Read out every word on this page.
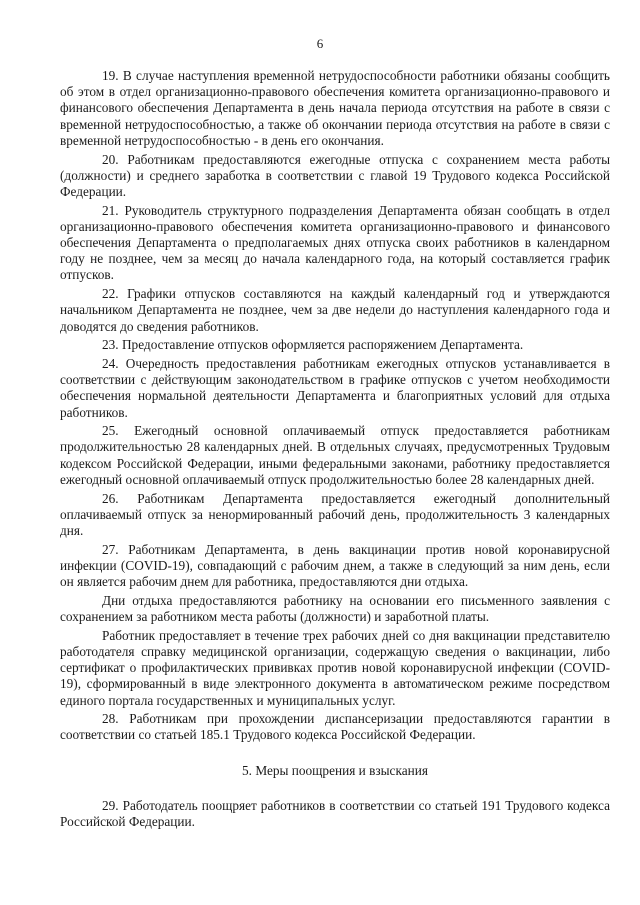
6

19. В случае наступления временной нетрудоспособности работники обязаны сообщить об этом в отдел организационно-правового обеспечения комитета организационно-правового и финансового обеспечения Департамента в день начала периода отсутствия на работе в связи с временной нетрудоспособностью, а также об окончании периода отсутствия на работе в связи с временной нетрудоспособностью - в день его окончания.

20. Работникам предоставляются ежегодные отпуска с сохранением места работы (должности) и среднего заработка в соответствии с главой 19 Трудового кодекса Российской Федерации.

21. Руководитель структурного подразделения Департамента обязан сообщать в отдел организационно-правового обеспечения комитета организационно-правового и финансового обеспечения Департамента о предполагаемых днях отпуска своих работников в календарном году не позднее, чем за месяц до начала календарного года, на который составляется график отпусков.

22. Графики отпусков составляются на каждый календарный год и утверждаются начальником Департамента не позднее, чем за две недели до наступления календарного года и доводятся до сведения работников.

23. Предоставление отпусков оформляется распоряжением Департамента.

24. Очередность предоставления работникам ежегодных отпусков устанавливается в соответствии с действующим законодательством в графике отпусков с учетом необходимости обеспечения нормальной деятельности Департамента и благоприятных условий для отдыха работников.

25. Ежегодный основной оплачиваемый отпуск предоставляется работникам продолжительностью 28 календарных дней. В отдельных случаях, предусмотренных Трудовым кодексом Российской Федерации, иными федеральными законами, работнику предоставляется ежегодный основной оплачиваемый отпуск продолжительностью более 28 календарных дней.

26. Работникам Департамента предоставляется ежегодный дополнительный оплачиваемый отпуск за ненормированный рабочий день, продолжительность 3 календарных дня.

27. Работникам Департамента, в день вакцинации против новой коронавирусной инфекции (COVID-19), совпадающий с рабочим днем, а также в следующий за ним день, если он является рабочим днем для работника, предоставляются дни отдыха.

Дни отдыха предоставляются работнику на основании его письменного заявления с сохранением за работником места работы (должности) и заработной платы.

Работник предоставляет в течение трех рабочих дней со дня вакцинации представителю работодателя справку медицинской организации, содержащую сведения о вакцинации, либо сертификат о профилактических прививках против новой коронавирусной инфекции (COVID-19), сформированный в виде электронного документа в автоматическом режиме посредством единого портала государственных и муниципальных услуг.

28. Работникам при прохождении диспансеризации предоставляются гарантии в соответствии со статьей 185.1 Трудового кодекса Российской Федерации.

5. Меры поощрения и взыскания

29. Работодатель поощряет работников в соответствии со статьей 191 Трудового кодекса Российской Федерации.
